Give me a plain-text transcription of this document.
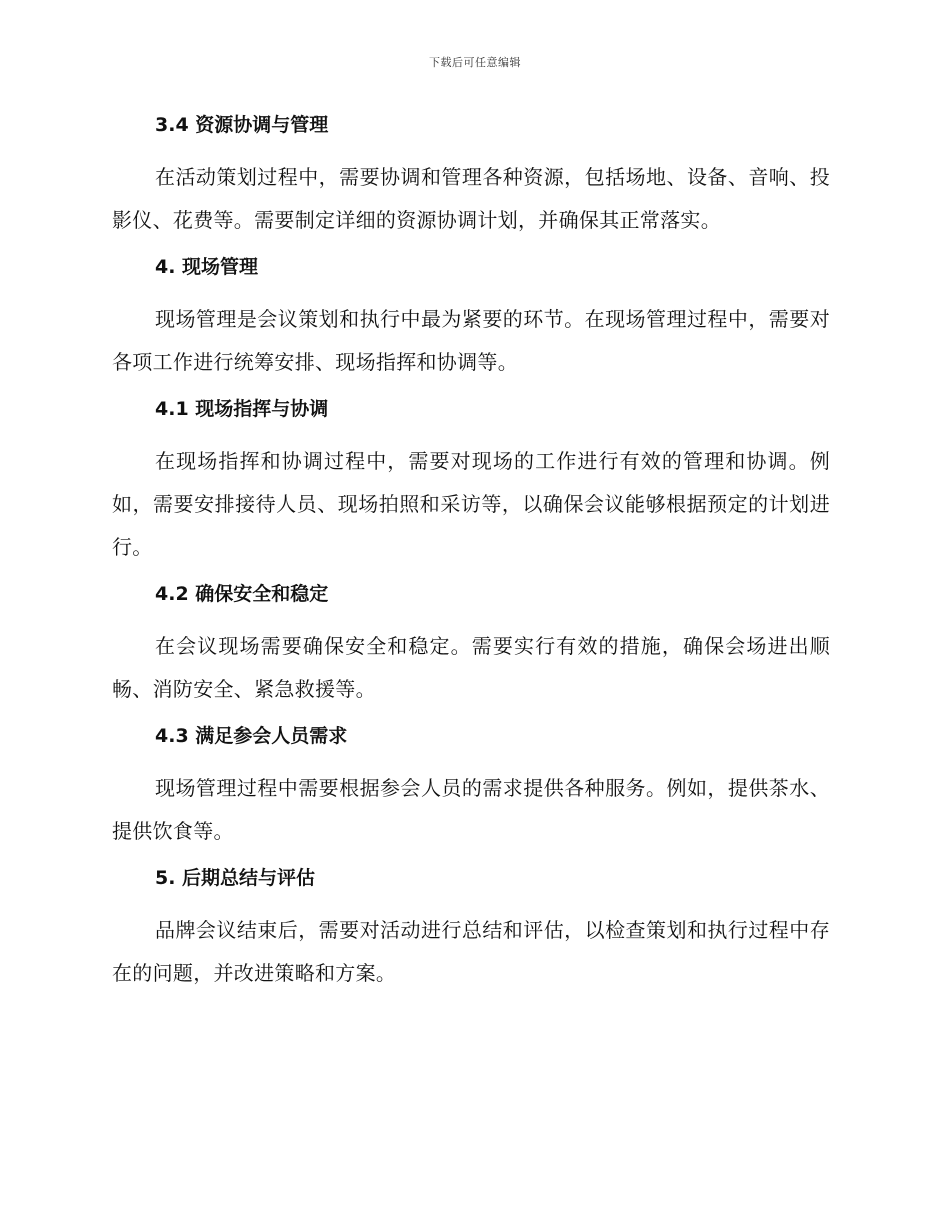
下载后可任意编辑
3.4 资源协调与管理

在活动策划过程中，需要协调和管理各种资源，包括场地、设备、音响、投影仪、花费等。需要制定详细的资源协调计划，并确保其正常落实。

4. 现场管理

现场管理是会议策划和执行中最为紧要的环节。在现场管理过程中，需要对各项工作进行统筹安排、现场指挥和协调等。

4.1 现场指挥与协调

在现场指挥和协调过程中，需要对现场的工作进行有效的管理和协调。例如，需要安排接待人员、现场拍照和采访等，以确保会议能够根据预定的计划进行。

4.2 确保安全和稳定

在会议现场需要确保安全和稳定。需要实行有效的措施，确保会场进出顺畅、消防安全、紧急救援等。

4.3 满足参会人员需求

现场管理过程中需要根据参会人员的需求提供各种服务。例如，提供茶水、提供饮食等。

5. 后期总结与评估

品牌会议结束后，需要对活动进行总结和评估，以检查策划和执行过程中存在的问题，并改进策略和方案。
